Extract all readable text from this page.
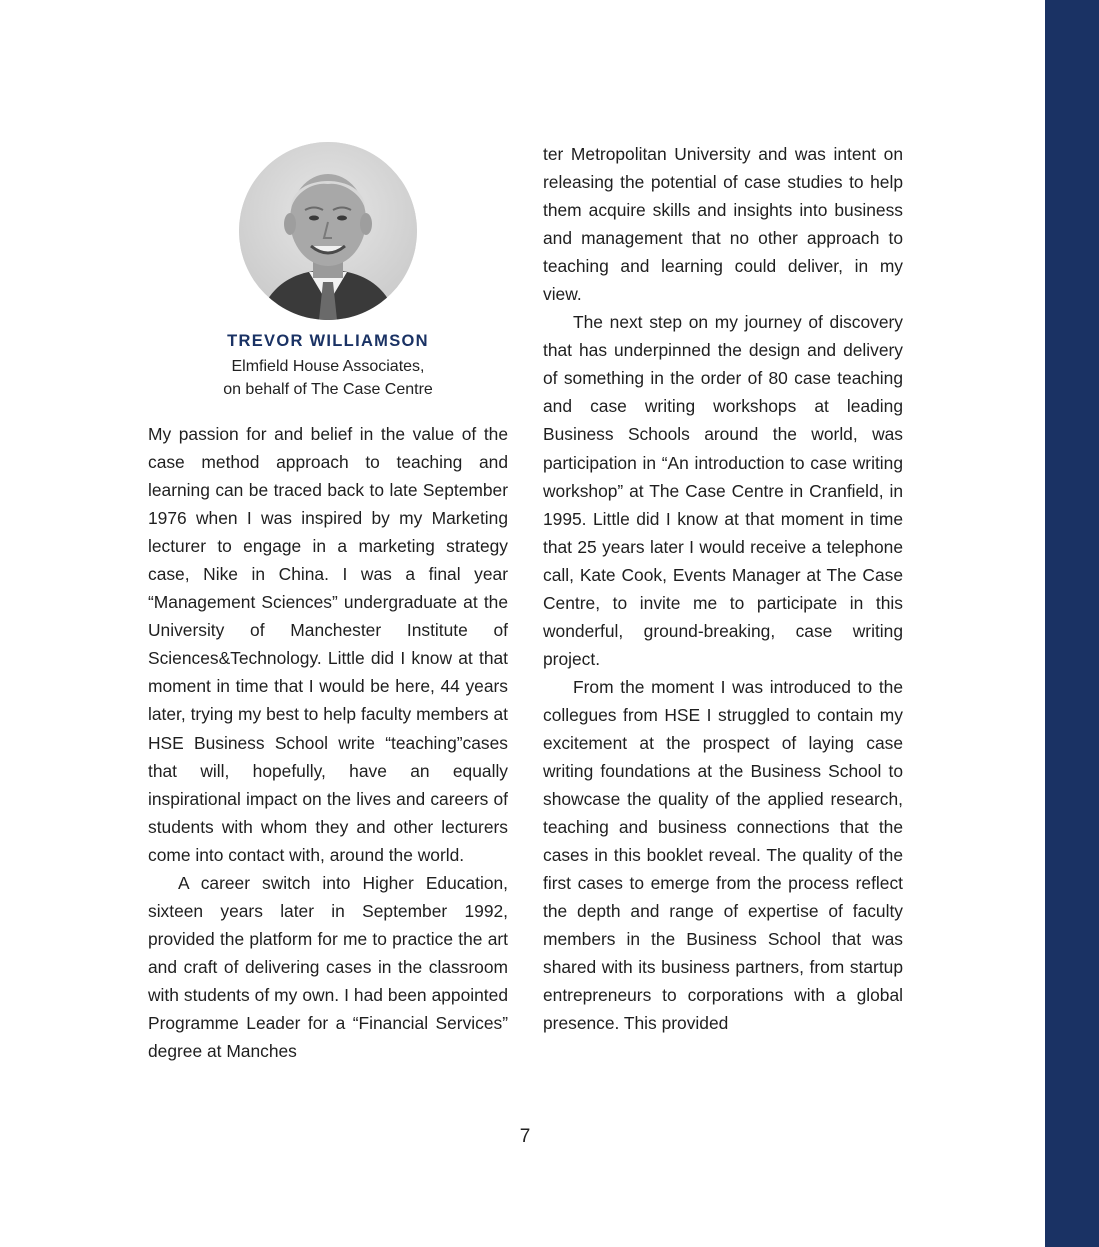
TREVOR WILLIAMSON
Elmfield House Associates,
on behalf of The Case Centre

My passion for and belief in the value of the case method approach to teaching and learning can be traced back to late September 1976 when I was inspired by my Marketing lecturer to engage in a marketing strategy case, Nike in China. I was a final year “Management Sciences” undergraduate at the University of Manchester Institute of Sciences&Technology. Little did I know at that moment in time that I would be here, 44 years later, trying my best to help faculty members at HSE Business School write “teaching”cases that will, hopefully, have an equally inspirational impact on the lives and careers of students with whom they and other lecturers come into contact with, around the world.

A career switch into Higher Education, sixteen years later in September 1992, provided the platform for me to practice the art and craft of delivering cases in the classroom with students of my own. I had been appointed Programme Leader for a “Financial Services” degree at Manches

ter Metropolitan University and was intent on releasing the potential of case studies to help them acquire skills and insights into business and management that no other approach to teaching and learning could deliver, in my view.

The next step on my journey of discovery that has underpinned the design and delivery of something in the order of 80 case teaching and case writing workshops at leading Business Schools around the world, was participation in “An introduction to case writing workshop” at The Case Centre in Cranfield, in 1995. Little did I know at that moment in time that 25 years later I would receive a telephone call, Kate Cook, Events Manager at The Case Centre, to invite me to participate in this wonderful, ground-breaking, case writing project.

From the moment I was introduced to the collegues from HSE I struggled to contain my excitement at the prospect of laying case writing foundations at the Business School to showcase the quality of the applied research, teaching and business connections that the cases in this booklet reveal. The quality of the first cases to emerge from the process reflect the depth and range of expertise of faculty members in the Business School that was shared with its business partners, from startup entrepreneurs to corporations with a global presence. This provided

7
